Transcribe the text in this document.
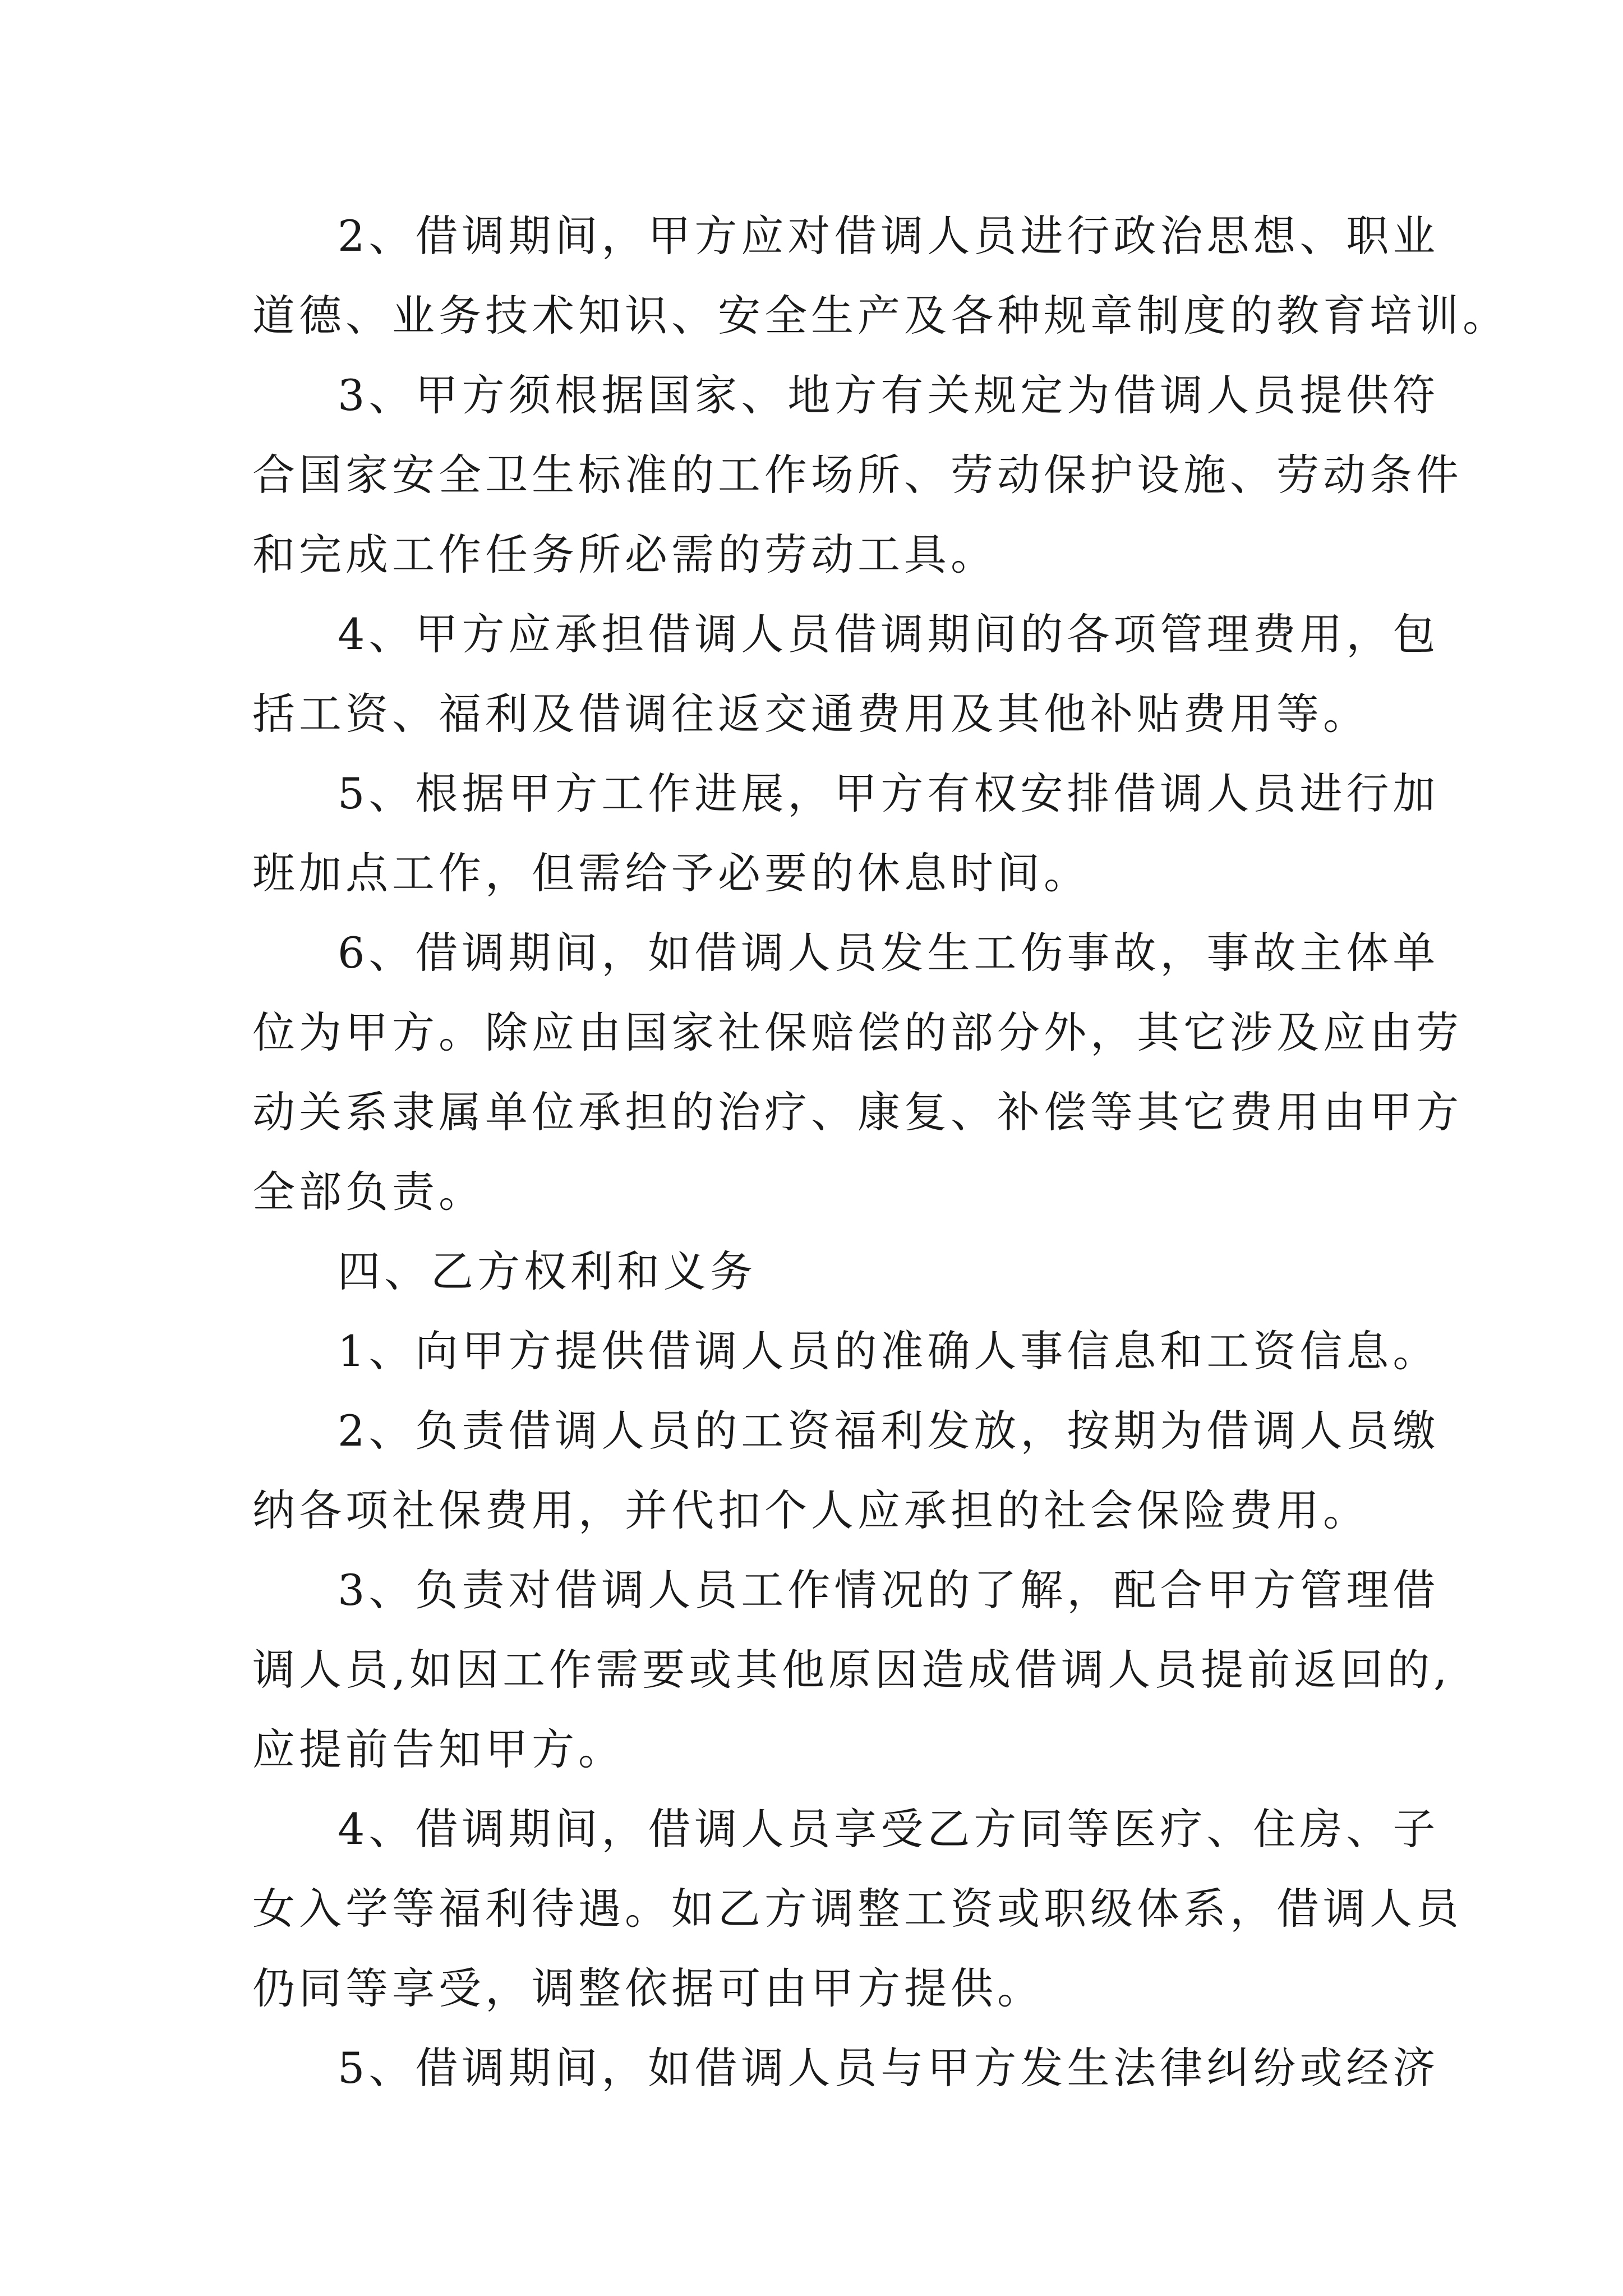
2、借调期间，甲方应对借调人员进行政治思想、职业
道德、业务技术知识、安全生产及各种规章制度的教育培训。
3、甲方须根据国家、地方有关规定为借调人员提供符
合国家安全卫生标准的工作场所、劳动保护设施、劳动条件
和完成工作任务所必需的劳动工具。
4、甲方应承担借调人员借调期间的各项管理费用，包
括工资、福利及借调往返交通费用及其他补贴费用等。
5、根据甲方工作进展，甲方有权安排借调人员进行加
班加点工作，但需给予必要的休息时间。
6、借调期间，如借调人员发生工伤事故，事故主体单
位为甲方。除应由国家社保赔偿的部分外，其它涉及应由劳
动关系隶属单位承担的治疗、康复、补偿等其它费用由甲方
全部负责。
四、乙方权利和义务
1、向甲方提供借调人员的准确人事信息和工资信息。
2、负责借调人员的工资福利发放，按期为借调人员缴
纳各项社保费用，并代扣个人应承担的社会保险费用。
3、负责对借调人员工作情况的了解，配合甲方管理借
调人员,如因工作需要或其他原因造成借调人员提前返回的,
应提前告知甲方。
4、借调期间，借调人员享受乙方同等医疗、住房、子
女入学等福利待遇。如乙方调整工资或职级体系，借调人员
仍同等享受，调整依据可由甲方提供。
5、借调期间，如借调人员与甲方发生法律纠纷或经济
